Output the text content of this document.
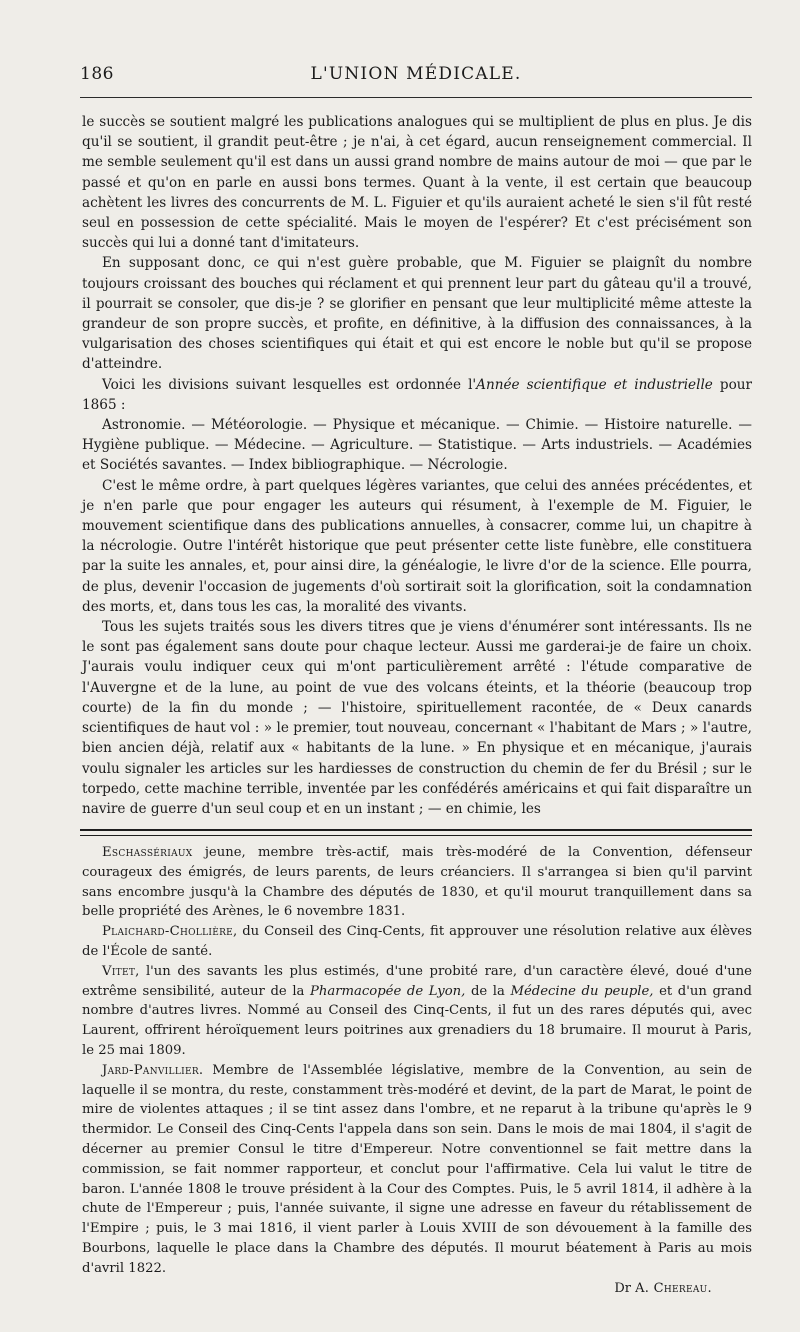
186	L'UNION MÉDICALE.

le succès se soutient malgré les publications analogues qui se multiplient de plus en plus. Je dis qu'il se soutient, il grandit peut-être ; je n'ai, à cet égard, aucun renseignement commercial. Il me semble seulement qu'il est dans un aussi grand nombre de mains autour de moi — que par le passé et qu'on en parle en aussi bons termes. Quant à la vente, il est certain que beaucoup achètent les livres des concurrents de M. L. Figuier et qu'ils auraient acheté le sien s'il fût resté seul en possession de cette spécialité. Mais le moyen de l'espérer? Et c'est précisément son succès qui lui a donné tant d'imitateurs.

En supposant donc, ce qui n'est guère probable, que M. Figuier se plaignît du nombre toujours croissant des bouches qui réclament et qui prennent leur part du gâteau qu'il a trouvé, il pourrait se consoler, que dis-je ? se glorifier en pensant que leur multiplicité même atteste la grandeur de son propre succès, et profite, en définitive, à la diffusion des connaissances, à la vulgarisation des choses scientifiques qui était et qui est encore le noble but qu'il se propose d'atteindre.

Voici les divisions suivant lesquelles est ordonnée l'Année scientifique et industrielle pour 1865 :

Astronomie. — Météorologie. — Physique et mécanique. — Chimie. — Histoire naturelle. — Hygiène publique. — Médecine. — Agriculture. — Statistique. — Arts industriels. — Académies et Sociétés savantes. — Index bibliographique. — Nécrologie.

C'est le même ordre, à part quelques légères variantes, que celui des années précédentes, et je n'en parle que pour engager les auteurs qui résument, à l'exemple de M. Figuier, le mouvement scientifique dans des publications annuelles, à consacrer, comme lui, un chapitre à la nécrologie. Outre l'intérêt historique que peut présenter cette liste funèbre, elle constituera par la suite les annales, et, pour ainsi dire, la généalogie, le livre d'or de la science. Elle pourra, de plus, devenir l'occasion de jugements d'où sortirait soit la glorification, soit la condamnation des morts, et, dans tous les cas, la moralité des vivants.

Tous les sujets traités sous les divers titres que je viens d'énumérer sont intéressants. Ils ne le sont pas également sans doute pour chaque lecteur. Aussi me garderai-je de faire un choix. J'aurais voulu indiquer ceux qui m'ont particulièrement arrêté : l'étude comparative de l'Auvergne et de la lune, au point de vue des volcans éteints, et la théorie (beaucoup trop courte) de la fin du monde ; — l'histoire, spirituellement racontée, de « Deux canards scientifiques de haut vol : » le premier, tout nouveau, concernant « l'habitant de Mars ; » l'autre, bien ancien déjà, relatif aux « habitants de la lune. » En physique et en mécanique, j'aurais voulu signaler les articles sur les hardiesses de construction du chemin de fer du Brésil ; sur le torpedo, cette machine terrible, inventée par les confédérés américains et qui fait disparaître un navire de guerre d'un seul coup et en un instant ; — en chimie, les

Eschassériaux jeune, membre très-actif, mais très-modéré de la Convention, défenseur courageux des émigrés, de leurs parents, de leurs créanciers. Il s'arrangea si bien qu'il parvint sans encombre jusqu'à la Chambre des députés de 1830, et qu'il mourut tranquillement dans sa belle propriété des Arènes, le 6 novembre 1831.

Plaichard-Chollière, du Conseil des Cinq-Cents, fit approuver une résolution relative aux élèves de l'École de santé.

Vitet, l'un des savants les plus estimés, d'une probité rare, d'un caractère élevé, doué d'une extrême sensibilité, auteur de la Pharmacopée de Lyon, de la Médecine du peuple, et d'un grand nombre d'autres livres. Nommé au Conseil des Cinq-Cents, il fut un des rares députés qui, avec Laurent, offrirent héroïquement leurs poitrines aux grenadiers du 18 brumaire. Il mourut à Paris, le 25 mai 1809.

Jard-Panvillier. Membre de l'Assemblée législative, membre de la Convention, au sein de laquelle il se montra, du reste, constamment très-modéré et devint, de la part de Marat, le point de mire de violentes attaques ; il se tint assez dans l'ombre, et ne reparut à la tribune qu'après le 9 thermidor. Le Conseil des Cinq-Cents l'appela dans son sein. Dans le mois de mai 1804, il s'agit de décerner au premier Consul le titre d'Empereur. Notre conventionnel se fait mettre dans la commission, se fait nommer rapporteur, et conclut pour l'affirmative. Cela lui valut le titre de baron. L'année 1808 le trouve président à la Cour des Comptes. Puis, le 5 avril 1814, il adhère à la chute de l'Empereur ; puis, l'année suivante, il signe une adresse en faveur du rétablissement de l'Empire ; puis, le 3 mai 1816, il vient parler à Louis XVIII de son dévouement à la famille des Bourbons, laquelle le place dans la Chambre des députés. Il mourut béatement à Paris au mois d'avril 1822.

Dr A. Chereau.
